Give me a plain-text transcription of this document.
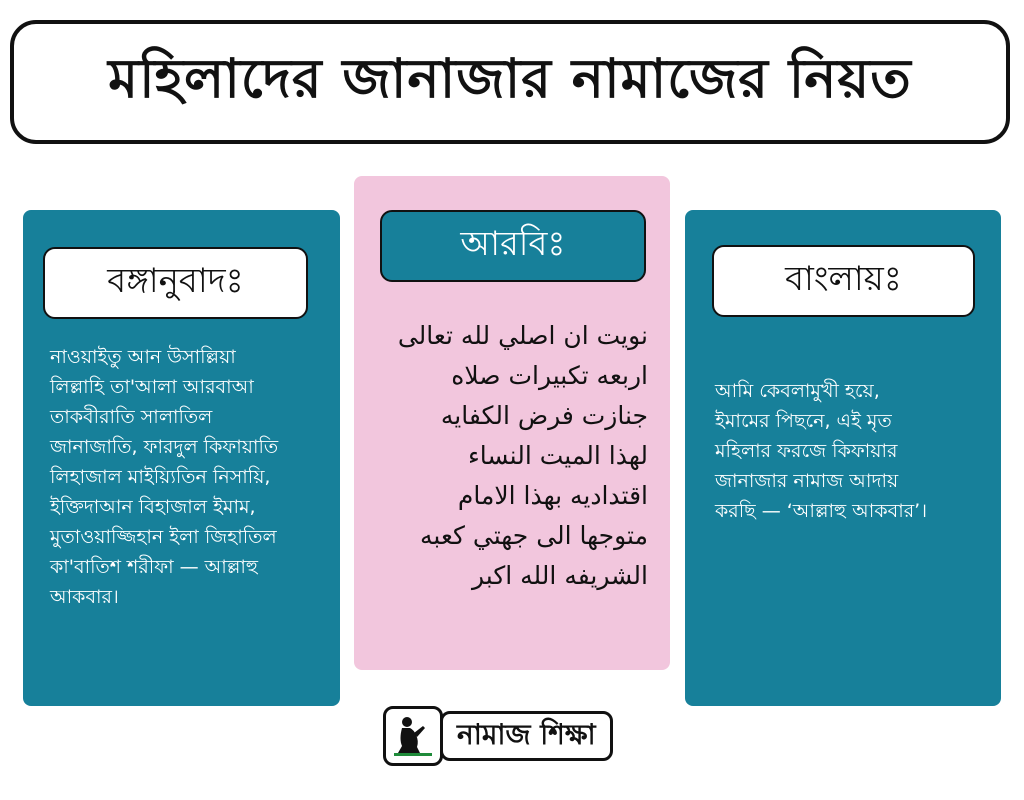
মহিলাদের জানাজার নামাজের নিয়ত
বঙ্গানুবাদঃ

নাওয়াইতু আন উসাল্লিয়া

লিল্লাহি তা'আলা আরবাআ

তাকবীরাতি সালাতিল

জানাজাতি, ফারদুল কিফায়াতি

লিহাজাল মাইয়্যিতিন নিসায়ি,

ইক্তিদাআন বিহাজাল ইমাম,

মুতাওয়াজ্জিহান ইলা জিহাতিল

কা'বাতিশ শরীফা — আল্লাহু

আকবার।

আরবিঃ

نويت ان اصلي لله تعالى

اربعه تكبيرات صلاه

جنازت فرض الكفايه

لهذا الميت النساء

اقتداديه بهذا الامام

متوجها الى جهتي كعبه

الشريفه الله اكبر

বাংলায়ঃ

আমি কেবলামুখী হয়ে,

ইমামের পিছনে, এই মৃত

মহিলার ফরজে কিফায়ার

জানাজার নামাজ আদায়

করছি — ‘আল্লাহু আকবার’।

নামাজ শিক্ষা
